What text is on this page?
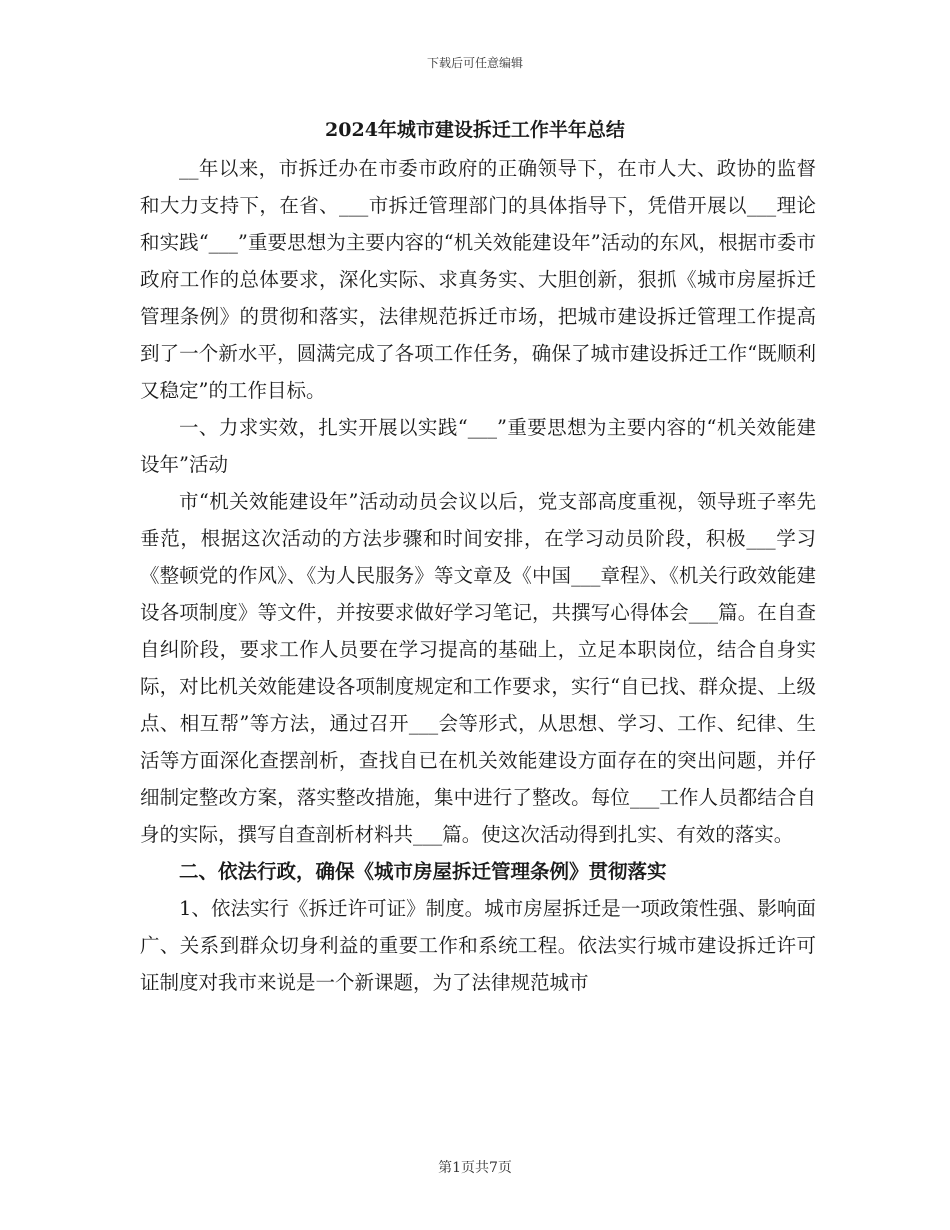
下载后可任意编辑
2024年城市建设拆迁工作半年总结

__年以来，市拆迁办在市委市政府的正确领导下，在市人大、政协的监督和大力支持下，在省、___市拆迁管理部门的具体指导下，凭借开展以___理论和实践“___”重要思想为主要内容的“机关效能建设年”活动的东风，根据市委市政府工作的总体要求，深化实际、求真务实、大胆创新，狠抓《城市房屋拆迁管理条例》的贯彻和落实，法律规范拆迁市场，把城市建设拆迁管理工作提高到了一个新水平，圆满完成了各项工作任务，确保了城市建设拆迁工作“既顺利又稳定”的工作目标。

一、力求实效，扎实开展以实践“___”重要思想为主要内容的“机关效能建设年”活动

市“机关效能建设年”活动动员会议以后，党支部高度重视，领导班子率先垂范，根据这次活动的方法步骤和时间安排，在学习动员阶段，积极___学习《整顿党的作风》、《为人民服务》等文章及《中国___章程》、《机关行政效能建设各项制度》等文件，并按要求做好学习笔记，共撰写心得体会___篇。在自查自纠阶段，要求工作人员要在学习提高的基础上，立足本职岗位，结合自身实际，对比机关效能建设各项制度规定和工作要求，实行“自已找、群众提、上级点、相互帮”等方法，通过召开___会等形式，从思想、学习、工作、纪律、生活等方面深化查摆剖析，查找自已在机关效能建设方面存在的突出问题，并仔细制定整改方案，落实整改措施，集中进行了整改。每位___工作人员都结合自身的实际，撰写自查剖析材料共___篇。使这次活动得到扎实、有效的落实。

二、依法行政，确保《城市房屋拆迁管理条例》贯彻落实

1、依法实行《拆迁许可证》制度。城市房屋拆迁是一项政策性强、影响面广、关系到群众切身利益的重要工作和系统工程。依法实行城市建设拆迁许可证制度对我市来说是一个新课题，为了法律规范城市

第1页共7页
